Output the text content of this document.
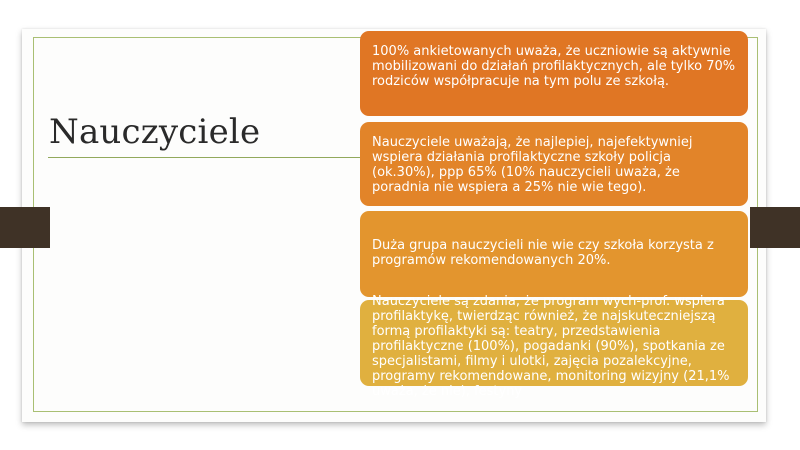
Nauczyciele
100% ankietowanych uważa, że uczniowie są aktywnie mobilizowani do działań profilaktycznych, ale tylko 70% rodziców współpracuje na tym polu ze szkołą.
Nauczyciele uważają, że najlepiej, najefektywniej wspiera działania profilaktyczne szkoły policja (ok.30%), ppp 65% (10% nauczycieli uważa, że poradnia nie wspiera a 25% nie wie tego).
Duża grupa nauczycieli nie wie czy szkoła korzysta z programów rekomendowanych 20%.
Nauczyciele są zdania, że program wych-prof. wspiera profilaktykę, twierdząc również, że najskuteczniejszą formą profilaktyki są: teatry, przedstawienia profilaktyczne (100%), pogadanki (90%), spotkania ze specjalistami, filmy i ulotki, zajęcia pozalekcyjne, programy rekomendowane, monitoring wizyjny (21,1% uważa, że nie), festyny
